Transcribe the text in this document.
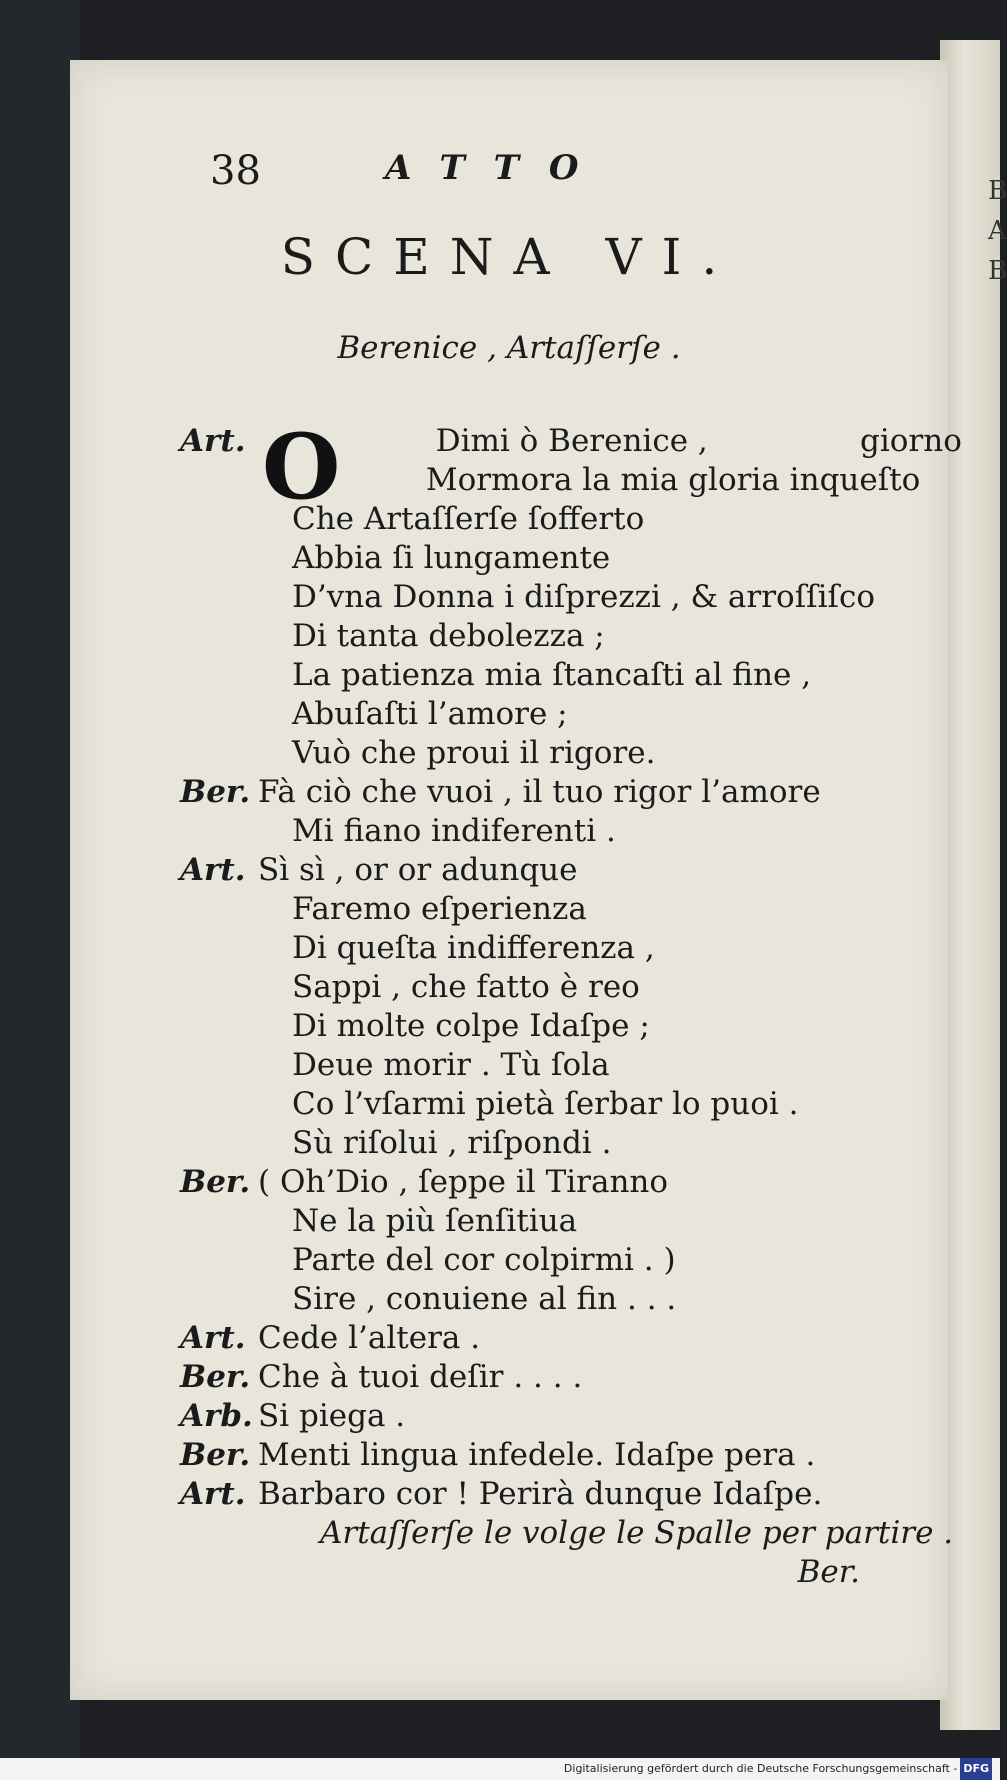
B
A
B
38	ATTO
SCENA VI.
Berenice , Artaſſerſe .
Art. O	Dimi ò Berenice ,	giorno
Mormora la mia gloria inqueſto
Che Artaſſerſe ſofferto
Abbia ſi lungamente
D’vna Donna i diſprezzi , & arroſſiſco
Di tanta debolezza ;
La patienza mia ſtancaſti al fine ,
Abuſaſti l’amore ;
Vuò che proui il rigore.
Ber. Fà ciò che vuoi , il tuo rigor l’amore
Mi fiano indiferenti .
Art. Sì sì , or or adunque
Faremo eſperienza
Di queſta indifferenza ,
Sappi , che fatto è reo
Di molte colpe Idaſpe ;
Deue morir . Tù ſola
Co l’vſarmi pietà ſerbar lo puoi .
Sù riſolui , riſpondi .
Ber. ( Oh’Dio , ſeppe il Tiranno
Ne la più ſenſitiua
Parte del cor colpirmi . )
Sire , conuiene al fin . . .
Art. Cede l’altera .
Ber. Che à tuoi deſir . . . .
Arb. Si piega .
Ber. Menti lingua infedele. Idaſpe pera .
Art. Barbaro cor ! Perirà dunque Idaſpe.
Artaſſerſe le volge le Spalle per partire .
Ber.
Digitalisierung gefördert durch die Deutsche Forschungsgemeinschaft - DFG
